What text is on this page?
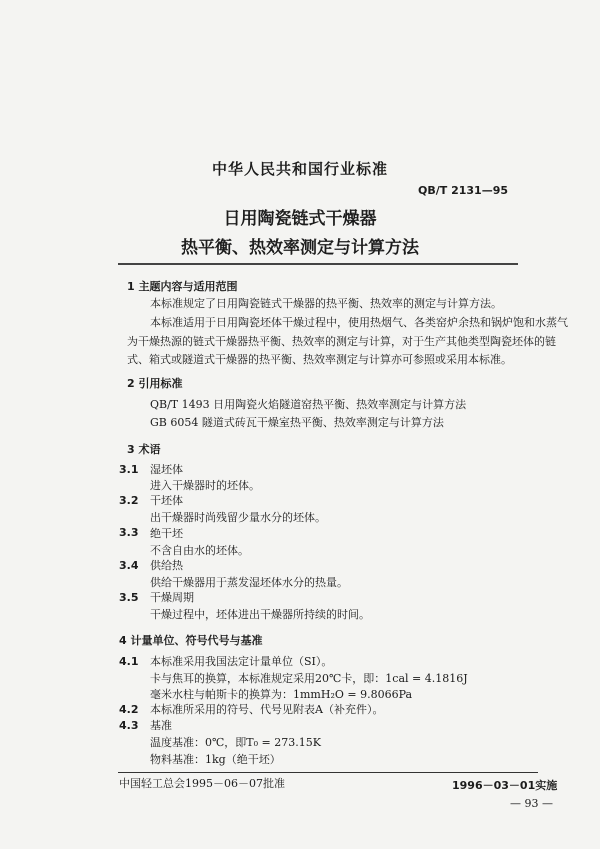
中华人民共和国行业标准
QB/T 2131—95
日用陶瓷链式干燥器
热平衡、热效率测定与计算方法
1 主题内容与适用范围
本标准规定了日用陶瓷链式干燥器的热平衡、热效率的测定与计算方法。
本标准适用于日用陶瓷坯体干燥过程中，使用热烟气、各类窑炉余热和锅炉饱和水蒸气
为干燥热源的链式干燥器热平衡、热效率的测定与计算，对于生产其他类型陶瓷坯体的链
式、箱式或隧道式干燥器的热平衡、热效率测定与计算亦可参照或采用本标准。
2 引用标准
QB/T 1493 日用陶瓷火焰隧道窑热平衡、热效率测定与计算方法
GB 6054 隧道式砖瓦干燥室热平衡、热效率测定与计算方法
3 术语
3.1 湿坯体
进入干燥器时的坯体。
3.2 干坯体
出干燥器时尚残留少量水分的坯体。
3.3 绝干坯
不含自由水的坯体。
3.4 供给热
供给干燥器用于蒸发湿坯体水分的热量。
3.5 干燥周期
干燥过程中，坯体进出干燥器所持续的时间。
4 计量单位、符号代号与基准
4.1 本标准采用我国法定计量单位（SI）。
卡与焦耳的换算，本标准规定采用20℃卡，即：1cal = 4.1816J
毫米水柱与帕斯卡的换算为：1mmH₂O = 9.8066Pa
4.2 本标准所采用的符号、代号见附表A（补充件）。
4.3 基准
温度基准：0℃，即T₀ = 273.15K
物料基准：1kg（绝干坯）
中国轻工总会1995－06－07批准	1996－03－01实施
— 93 —
